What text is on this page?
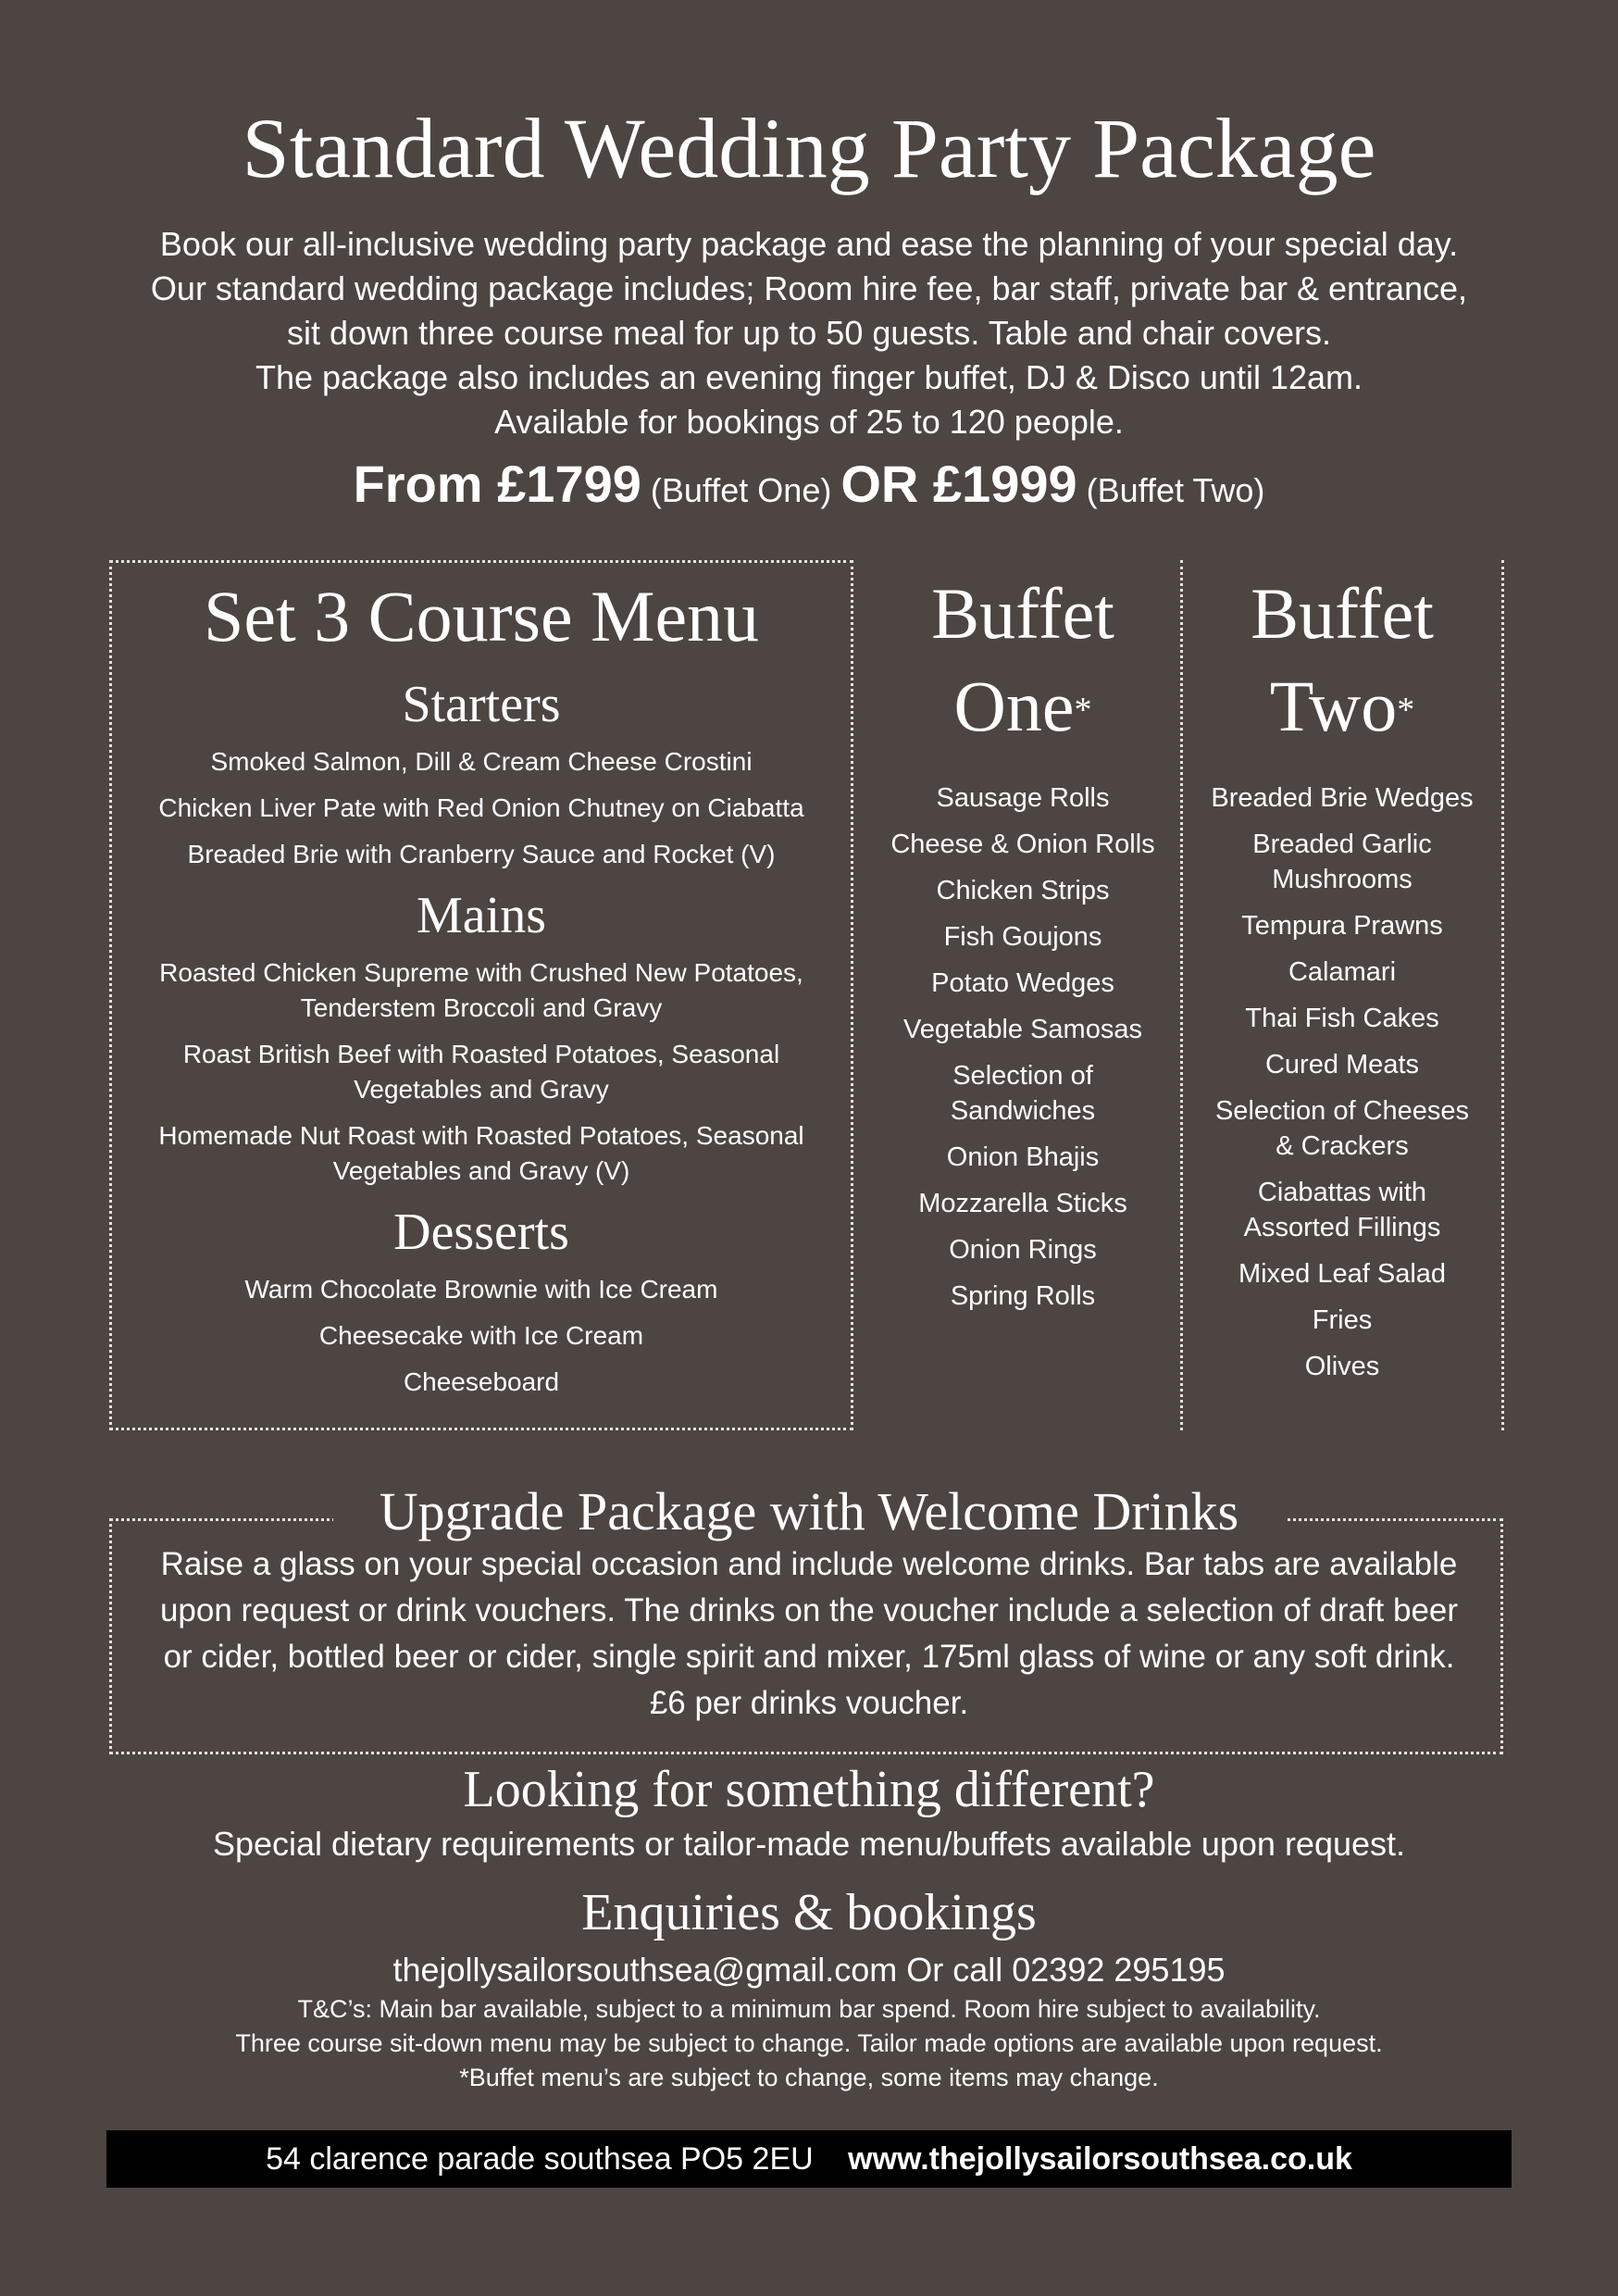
Standard Wedding Party Package
Book our all-inclusive wedding party package and ease the planning of your special day.
Our standard wedding package includes; Room hire fee, bar staff, private bar & entrance,
sit down three course meal for up to 50 guests. Table and chair covers.
The package also includes an evening finger buffet, DJ & Disco until 12am.
Available for bookings of 25 to 120 people.
From £1799 (Buffet One) OR £1999 (Buffet Two)
Set 3 Course Menu
Starters
Smoked Salmon, Dill & Cream Cheese Crostini
Chicken Liver Pate with Red Onion Chutney on Ciabatta
Breaded Brie with Cranberry Sauce and Rocket (V)
Mains
Roasted Chicken Supreme with Crushed New Potatoes, Tenderstem Broccoli and Gravy
Roast British Beef with Roasted Potatoes, Seasonal Vegetables and Gravy
Homemade Nut Roast with Roasted Potatoes, Seasonal Vegetables and Gravy (V)
Desserts
Warm Chocolate Brownie with Ice Cream
Cheesecake with Ice Cream
Cheeseboard
Buffet
One*
Sausage Rolls
Cheese & Onion Rolls
Chicken Strips
Fish Goujons
Potato Wedges
Vegetable Samosas
Selection of Sandwiches
Onion Bhajis
Mozzarella Sticks
Onion Rings
Spring Rolls
Buffet
Two*
Breaded Brie Wedges
Breaded Garlic Mushrooms
Tempura Prawns
Calamari
Thai Fish Cakes
Cured Meats
Selection of Cheeses & Crackers
Ciabattas with Assorted Fillings
Mixed Leaf Salad
Fries
Olives
Upgrade Package with Welcome Drinks
Raise a glass on your special occasion and include welcome drinks. Bar tabs are available upon request or drink vouchers. The drinks on the voucher include a selection of draft beer or cider, bottled beer or cider, single spirit and mixer, 175ml glass of wine or any soft drink. £6 per drinks voucher.
Looking for something different?
Special dietary requirements or tailor-made menu/buffets available upon request.
Enquiries & bookings
thejollysailorsouthsea@gmail.com Or call 02392 295195
T&C’s: Main bar available, subject to a minimum bar spend. Room hire subject to availability.
Three course sit-down menu may be subject to change. Tailor made options are available upon request.
*Buffet menu’s are subject to change, some items may change.
54 clarence parade southsea PO5 2EU www.thejollysailorsouthsea.co.uk
